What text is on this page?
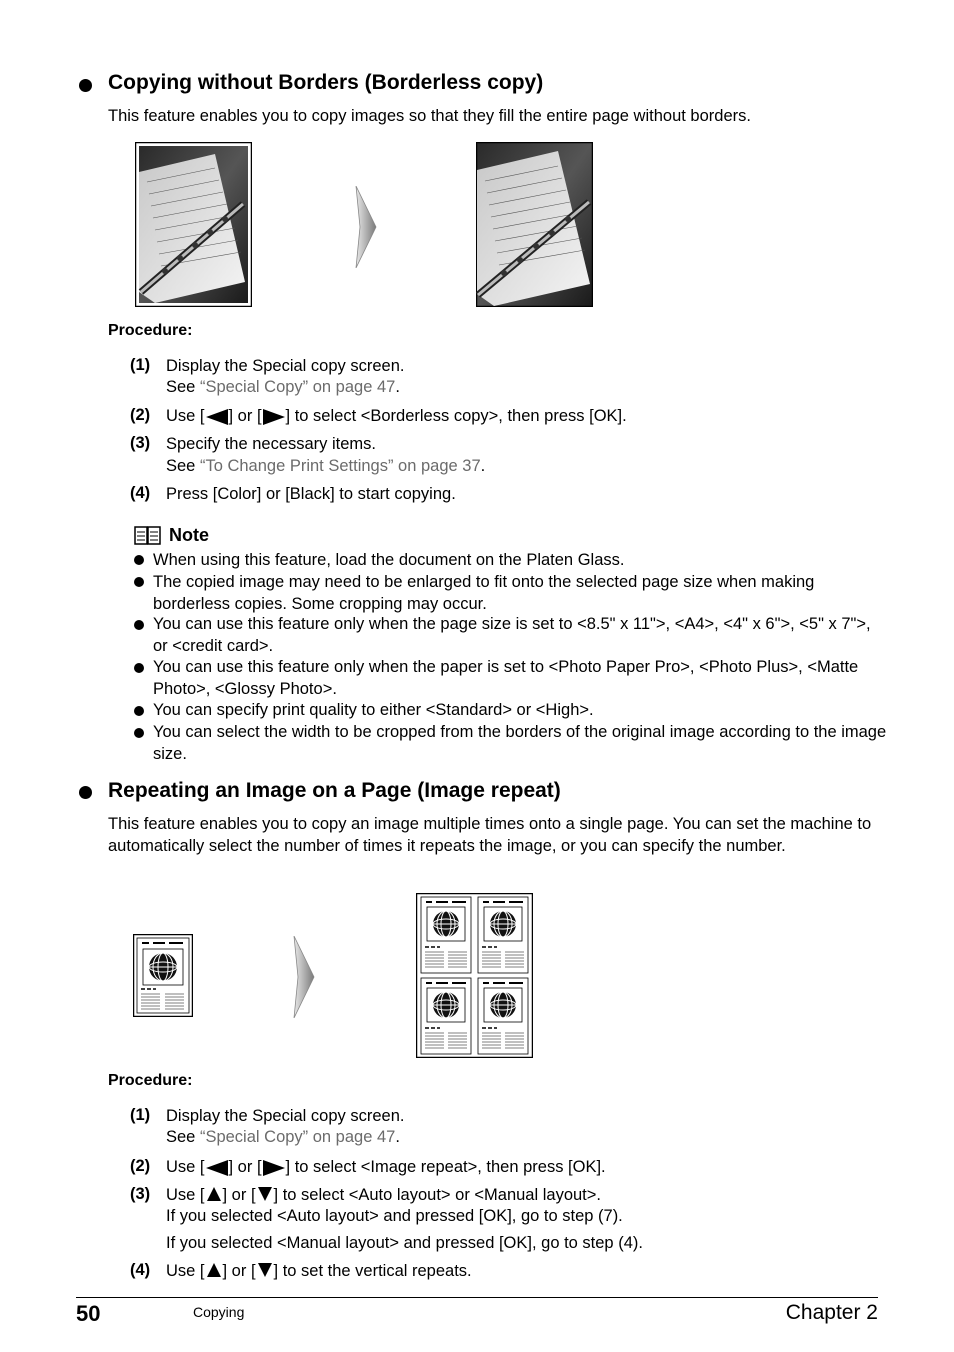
Copying without Borders (Borderless copy)
This feature enables you to copy images so that they fill the entire page without borders.
Procedure:
(1) Display the Special copy screen.
See “Special Copy” on page 47.
(2) Use [ ] or [ ] to select <Borderless copy>, then press [OK].
(3) Specify the necessary items.
See “To Change Print Settings” on page 37.
(4) Press [Color] or [Black] to start copying.
Note
When using this feature, load the document on the Platen Glass.
The copied image may need to be enlarged to fit onto the selected page size when making borderless copies. Some cropping may occur.
You can use this feature only when the page size is set to <8.5" x 11">, <A4>, <4" x 6">, <5" x 7">, or <credit card>.
You can use this feature only when the paper is set to <Photo Paper Pro>, <Photo Plus>, <Matte Photo>, <Glossy Photo>.
You can specify print quality to either <Standard> or <High>.
You can select the width to be cropped from the borders of the original image according to the image size.
Repeating an Image on a Page (Image repeat)
This feature enables you to copy an image multiple times onto a single page. You can set the machine to automatically select the number of times it repeats the image, or you can specify the number.
Procedure:
(1) Display the Special copy screen.
See “Special Copy” on page 47.
(2) Use [ ] or [ ] to select <Image repeat>, then press [OK].
(3) Use [ ] or [ ] to select <Auto layout> or <Manual layout>.
If you selected <Auto layout> and pressed [OK], go to step (7).
If you selected <Manual layout> and pressed [OK], go to step (4).
(4) Use [ ] or [ ] to set the vertical repeats.
50	Copying	Chapter 2
